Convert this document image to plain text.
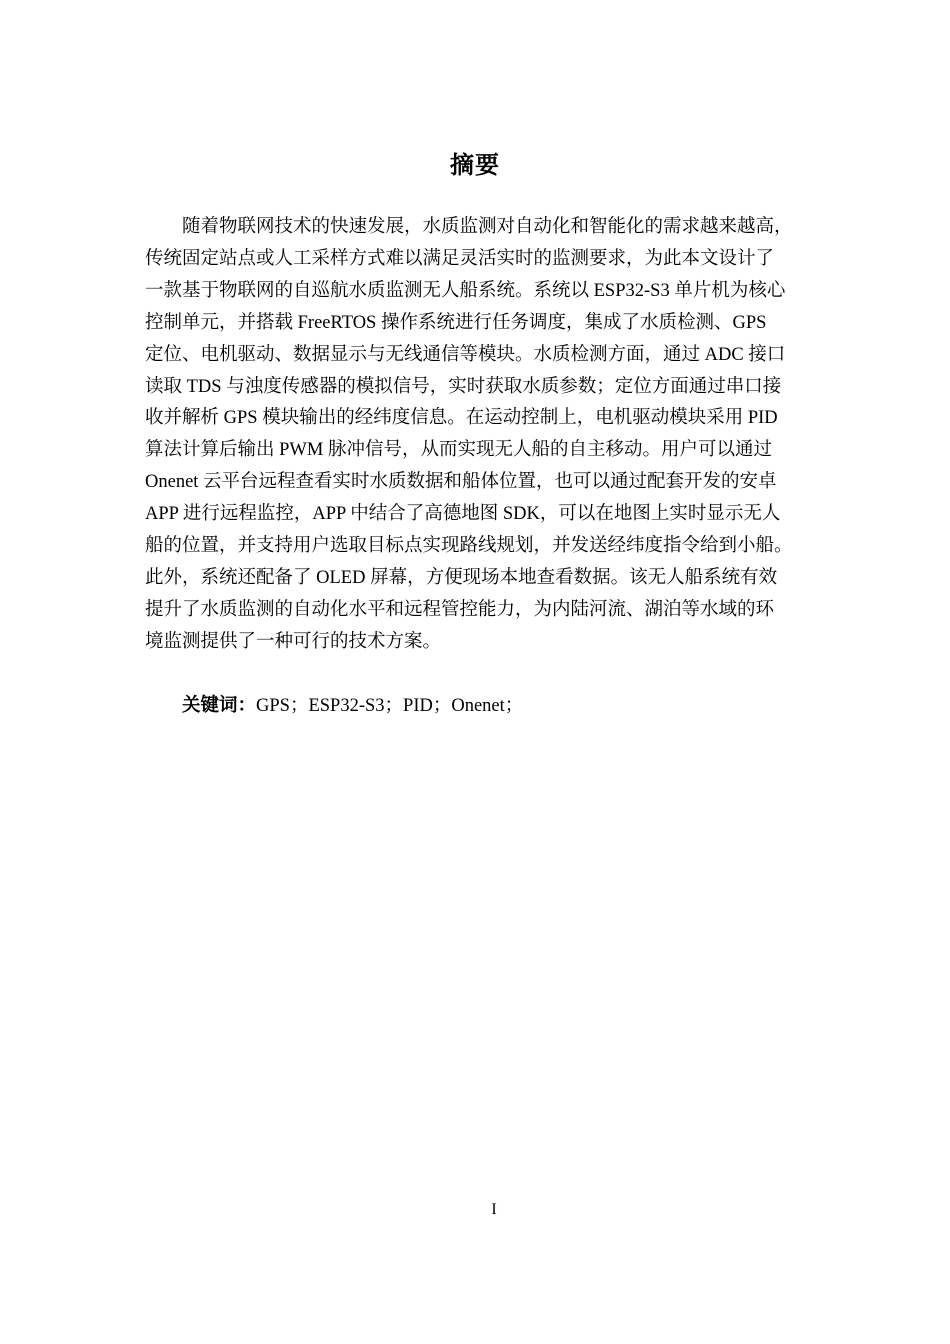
摘要
随着物联网技术的快速发展，水质监测对自动化和智能化的需求越来越高，
传统固定站点或人工采样方式难以满足灵活实时的监测要求，为此本文设计了
一款基于物联网的自巡航水质监测无人船系统。系统以 ESP32-S3 单片机为核心
控制单元，并搭载 FreeRTOS 操作系统进行任务调度，集成了水质检测、GPS
定位、电机驱动、数据显示与无线通信等模块。水质检测方面，通过 ADC 接口
读取 TDS 与浊度传感器的模拟信号，实时获取水质参数；定位方面通过串口接
收并解析 GPS 模块输出的经纬度信息。在运动控制上，电机驱动模块采用 PID
算法计算后输出 PWM 脉冲信号，从而实现无人船的自主移动。用户可以通过
Onenet 云平台远程查看实时水质数据和船体位置，也可以通过配套开发的安卓
APP 进行远程监控，APP 中结合了高德地图 SDK，可以在地图上实时显示无人
船的位置，并支持用户选取目标点实现路线规划，并发送经纬度指令给到小船。
此外，系统还配备了 OLED 屏幕，方便现场本地查看数据。该无人船系统有效
提升了水质监测的自动化水平和远程管控能力，为内陆河流、湖泊等水域的环
境监测提供了一种可行的技术方案。
关键词：GPS；ESP32-S3；PID；Onenet；
I
